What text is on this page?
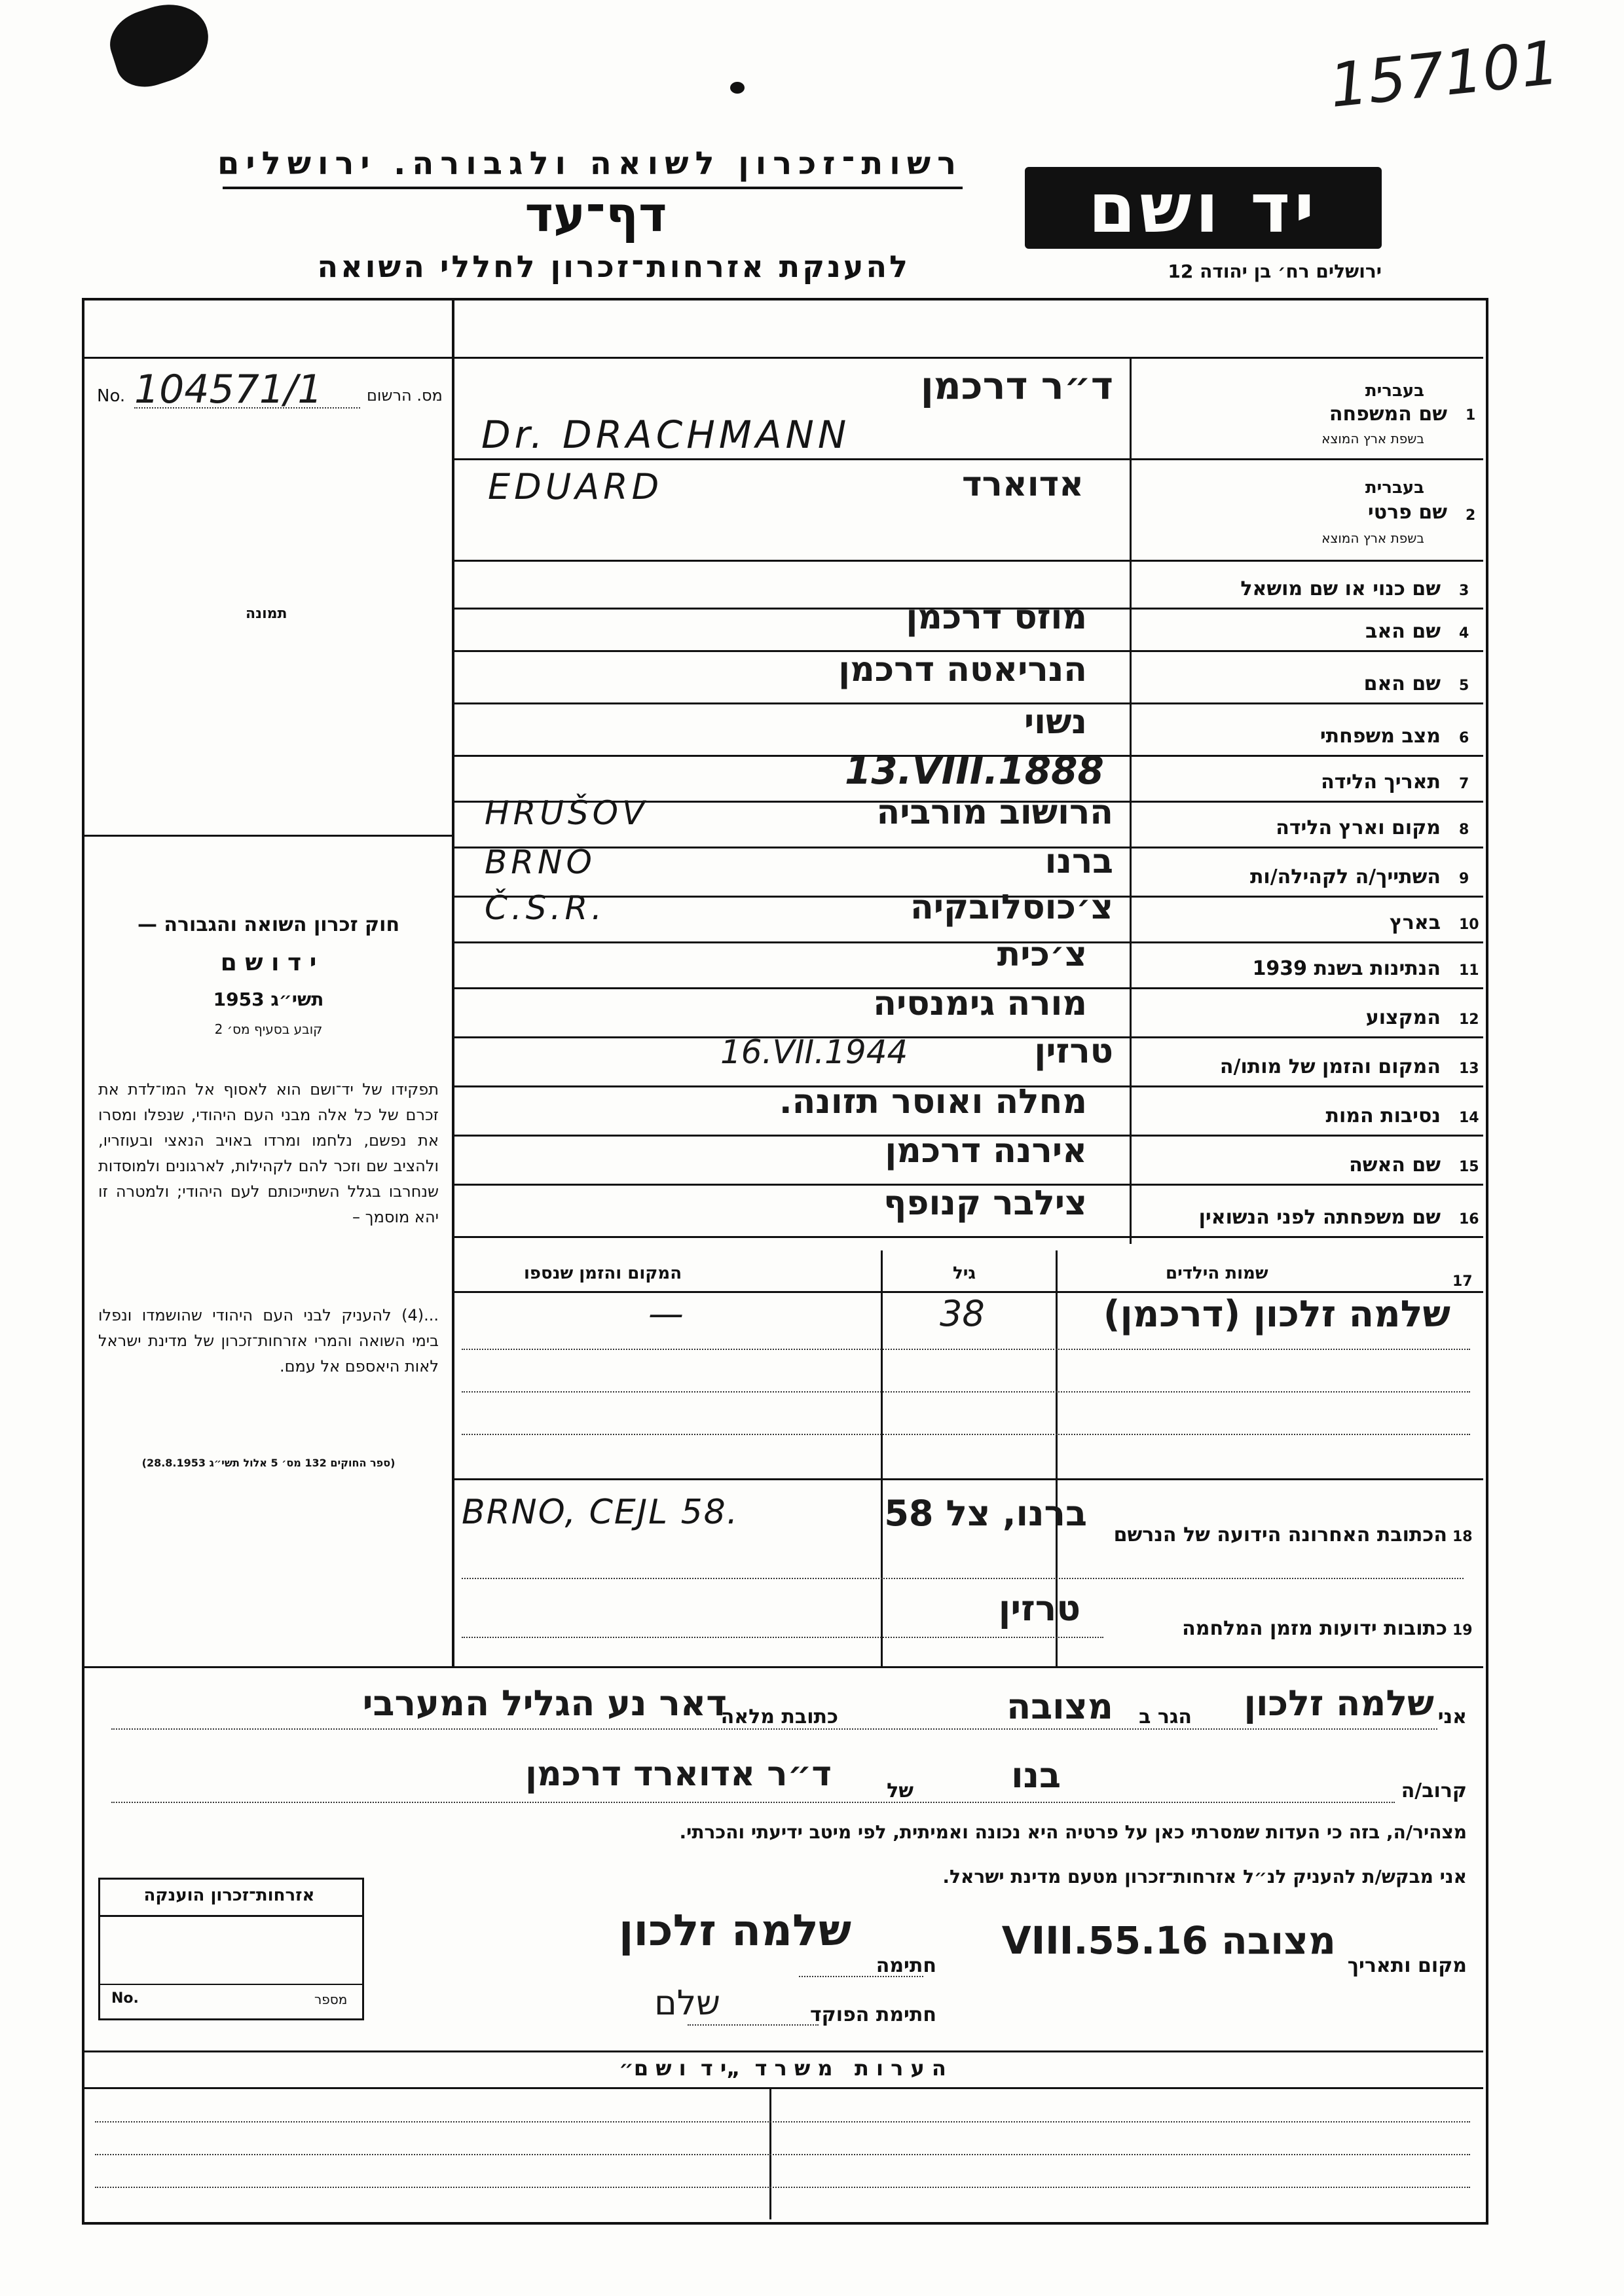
157101
רשות־זכרון לשואה ולגבורה. ירושלים
דף־עד
להענקת אזרחות־זכרון לחללי השואה
יד ושם
ירושלים רח׳ בן יהודה 12
מס. הרשום
No. 104571/1
תמונה
חוק זכרון השואה והגבורה —
י ד ו ש ם
תשי״ג 1953
קובע בסעיף מס׳ 2
תפקידו של יד־ושם הוא לאסוף אל המו־לדת את זכרם של כל אלה מבני העם היהודי, שנפלו ומסרו את נפשם, נלחמו ומרדו באויב הנאצי ובעוזריו, ולהציב שם וזכר להם לקהילות, לארגונים ולמוסדות שנחרבו בגלל השתייכותם לעם היהודי; ולמטרה זו יהא מוסמך –
...(4) להעניק לבני העם היהודי שהושמדו ונפלו בימי השואה והמרי אזרחות־זכרון של מדינת ישראל לאות היאספם אל עמם.
(ספר החוקים 132 מס׳ 5 אלול תשי״ג 28.8.1953)
3
שם כנוי או שם מושאל
4
שם האב
מוזס דרכמן
5
שם האם
הנריאטה דרכמן
6
מצב משפחתי
נשוי
7
תאריך הלידה
13.VIII.1888
8
מקום וארץ הלידה
הרושוב מורביה
HRUŠOV
9
השתייך/ה לקהילה/ות
ברנו
BRNO
10
בארץ
צ׳כוסלובקיה
Č.S.R.
11
הנתינות בשנת 1939
צ׳כית
12
המקצוע
מורה גימנסיה
13
המקום והזמן של מותו/ה
טרזין
16.VII.1944
14
נסיבות המות
מחלה ואוסר תזונה.
15
שם האשה
אירנה דרכמן
16
שם משפחתה לפני הנשואין
צילבר קנופף
1
שם המשפחה
בעברית
בשפת ארץ המוצא
ד״ר דרכמן
Dr. DRACHMANN
2
שם פרטי
בעברית
בשפת ארץ המוצא
אדוארד
EDUARD
17
שמות הילדים
גיל
המקום והזמן שנספו
שלמה זלכון (דרכמן)
38
—
18
הכתובת האחרונה הידועה של הנרשם
ברנו, צל 58
BRNO, CEJL 58.
19
כתובות ידועות מזמן המלחמה
טרזין
אני
שלמה זלכון
הגר ב
מצובה
כתובת מלאה
דאר נע הגליל המערבי
קרוב/ה
בנו
של
ד״ר אדוארד דרכמן
מצהיר/ה, בזה כי העדות שמסרתי כאן על פרטיה היא נכונה ואמיתית, לפי מיטב ידיעתי והכרתי.
אני מבקש/ת להעניק לנ״ל אזרחות־זכרון מטעם מדינת ישראל.
מקום ותאריך
מצובה 16.VIII.55
חתימה
שלמה זלכון
חתימת הפוקד
שלם
אזרחות־זכרון הוענקה
No.	מספר
ה ע ר ו ת   מ ש ר ד  „י ד  ו ש ם״
